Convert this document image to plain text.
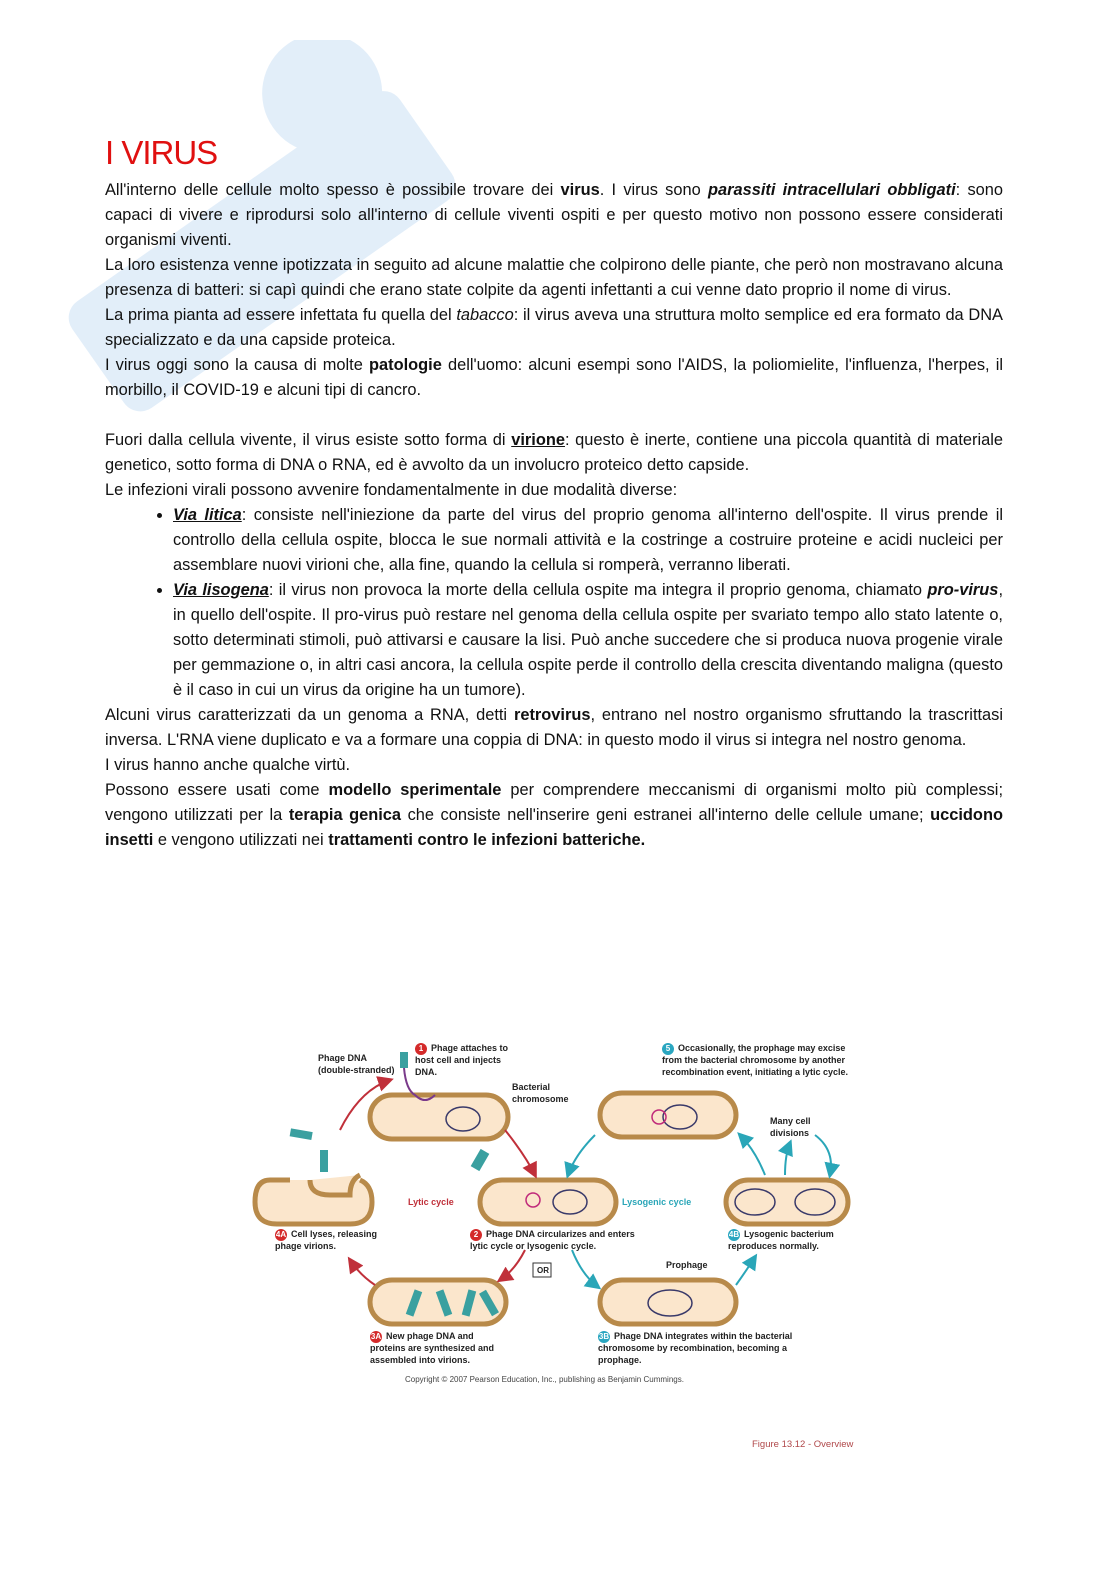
I VIRUS

All'interno delle cellule molto spesso è possibile trovare dei virus. I virus sono parassiti intracellulari obbligati: sono capaci di vivere e riprodursi solo all'interno di cellule viventi ospiti e per questo motivo non possono essere considerati organismi viventi.

La loro esistenza venne ipotizzata in seguito ad alcune malattie che colpirono delle piante, che però non mostravano alcuna presenza di batteri: si capì quindi che erano state colpite da agenti infettanti a cui venne dato proprio il nome di virus.

La prima pianta ad essere infettata fu quella del tabacco: il virus aveva una struttura molto semplice ed era formato da DNA specializzato e da una capside proteica.

I virus oggi sono la causa di molte patologie dell'uomo: alcuni esempi sono l'AIDS, la poliomielite, l'influenza, l'herpes, il morbillo, il COVID-19 e alcuni tipi di cancro.

Fuori dalla cellula vivente, il virus esiste sotto forma di virione: questo è inerte, contiene una piccola quantità di materiale genetico, sotto forma di DNA o RNA, ed è avvolto da un involucro proteico detto capside.

Le infezioni virali possono avvenire fondamentalmente in due modalità diverse:

• Via litica: consiste nell'iniezione da parte del virus del proprio genoma all'interno dell'ospite. Il virus prende il controllo della cellula ospite, blocca le sue normali attività e la costringe a costruire proteine e acidi nucleici per assemblare nuovi virioni che, alla fine, quando la cellula si romperà, verranno liberati.
• Via lisogena: il virus non provoca la morte della cellula ospite ma integra il proprio genoma, chiamato pro-virus, in quello dell'ospite. Il pro-virus può restare nel genoma della cellula ospite per svariato tempo allo stato latente o, sotto determinati stimoli, può attivarsi e causare la lisi. Può anche succedere che si produca nuova progenie virale per gemmazione o, in altri casi ancora, la cellula ospite perde il controllo della crescita diventando maligna (questo è il caso in cui un virus da origine ha un tumore).

Alcuni virus caratterizzati da un genoma a RNA, detti retrovirus, entrano nel nostro organismo sfruttando la trascrittasi inversa. L'RNA viene duplicato e va a formare una coppia di DNA: in questo modo il virus si integra nel nostro genoma.

I virus hanno anche qualche virtù.

Possono essere usati come modello sperimentale per comprendere meccanismi di organismi molto più complessi; vengono utilizzati per la terapia genica che consiste nell'inserire geni estranei all'interno delle cellule umane; uccidono insetti e vengono utilizzati nei trattamenti contro le infezioni batteriche.

Phage DNA (double-stranded)
1 Phage attaches to host cell and injects DNA.
Bacterial chromosome
5 Occasionally, the prophage may excise from the bacterial chromosome by another recombination event, initiating a lytic cycle.
Many cell divisions
Lytic cycle	Lysogenic cycle
4A Cell lyses, releasing phage virions.
2 Phage DNA circularizes and enters lytic cycle or lysogenic cycle.
4B Lysogenic bacterium reproduces normally.
OR
Prophage
3A New phage DNA and proteins are synthesized and assembled into virions.
3B Phage DNA integrates within the bacterial chromosome by recombination, becoming a prophage.
Copyright © 2007 Pearson Education, Inc., publishing as Benjamin Cummings.
Figure 13.12 - Overview
